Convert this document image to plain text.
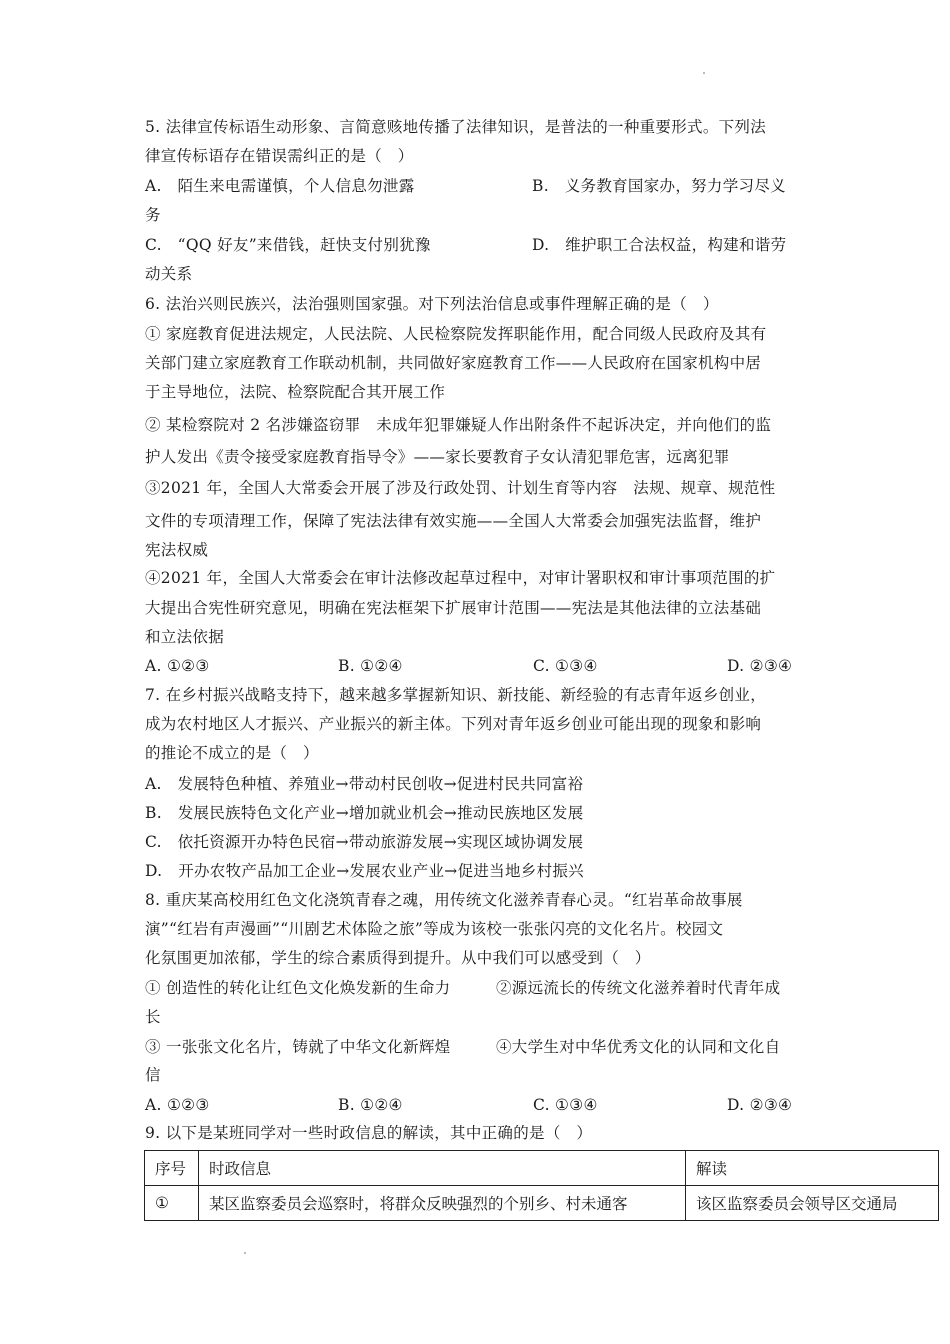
5. 法律宣传标语生动形象、言简意赅地传播了法律知识，是普法的一种重要形式。下列法
律宣传标语存在错误需纠正的是（　）
A.　陌生来电需谨慎，个人信息勿泄露	B.　义务教育国家办，努力学习尽义
务
C.　“QQ 好友”来借钱，赶快支付别犹豫	D.　维护职工合法权益，构建和谐劳
动关系
6. 法治兴则民族兴，法治强则国家强。对下列法治信息或事件理解正确的是（　）
① 家庭教育促进法规定，人民法院、人民检察院发挥职能作用，配合同级人民政府及其有
关部门建立家庭教育工作联动机制，共同做好家庭教育工作——人民政府在国家机构中居
于主导地位，法院、检察院配合其开展工作
② 某检察院对 2 名涉嫌盗窃罪　未成年犯罪嫌疑人作出附条件不起诉决定，并向他们的监
护人发出《责令接受家庭教育指导令》——家长要教育子女认清犯罪危害，远离犯罪
③2021 年，全国人大常委会开展了涉及行政处罚、计划生育等内容　法规、规章、规范性
文件的专项清理工作，保障了宪法法律有效实施——全国人大常委会加强宪法监督，维护
宪法权威
④2021 年，全国人大常委会在审计法修改起草过程中，对审计署职权和审计事项范围的扩
大提出合宪性研究意见，明确在宪法框架下扩展审计范围——宪法是其他法律的立法基础
和立法依据
A. ①②③	B. ①②④	C. ①③④	D. ②③④
7. 在乡村振兴战略支持下，越来越多掌握新知识、新技能、新经验的有志青年返乡创业，
成为农村地区人才振兴、产业振兴的新主体。下列对青年返乡创业可能出现的现象和影响
的推论不成立的是（　）
A.　发展特色种植、养殖业→带动村民创收→促进村民共同富裕
B.　发展民族特色文化产业→增加就业机会→推动民族地区发展
C.　依托资源开办特色民宿→带动旅游发展→实现区域协调发展
D.　开办农牧产品加工企业→发展农业产业→促进当地乡村振兴
8. 重庆某高校用红色文化浇筑青春之魂，用传统文化滋养青春心灵。“红岩革命故事展
演”“红岩有声漫画”“川剧艺术体险之旅”等成为该校一张张闪亮的文化名片。校园文
化氛围更加浓郁，学生的综合素质得到提升。从中我们可以感受到（　）
① 创造性的转化让红色文化焕发新的生命力	②源远流长的传统文化滋养着时代青年成
长
③ 一张张文化名片，铸就了中华文化新辉煌	④大学生对中华优秀文化的认同和文化自
信
A. ①②③	B. ①②④	C. ①③④	D. ②③④
9. 以下是某班同学对一些时政信息的解读，其中正确的是（　）
序号	时政信息	解读
①	某区监察委员会巡察时，将群众反映强烈的个别乡、村未通客	该区监察委员会领导区交通局
